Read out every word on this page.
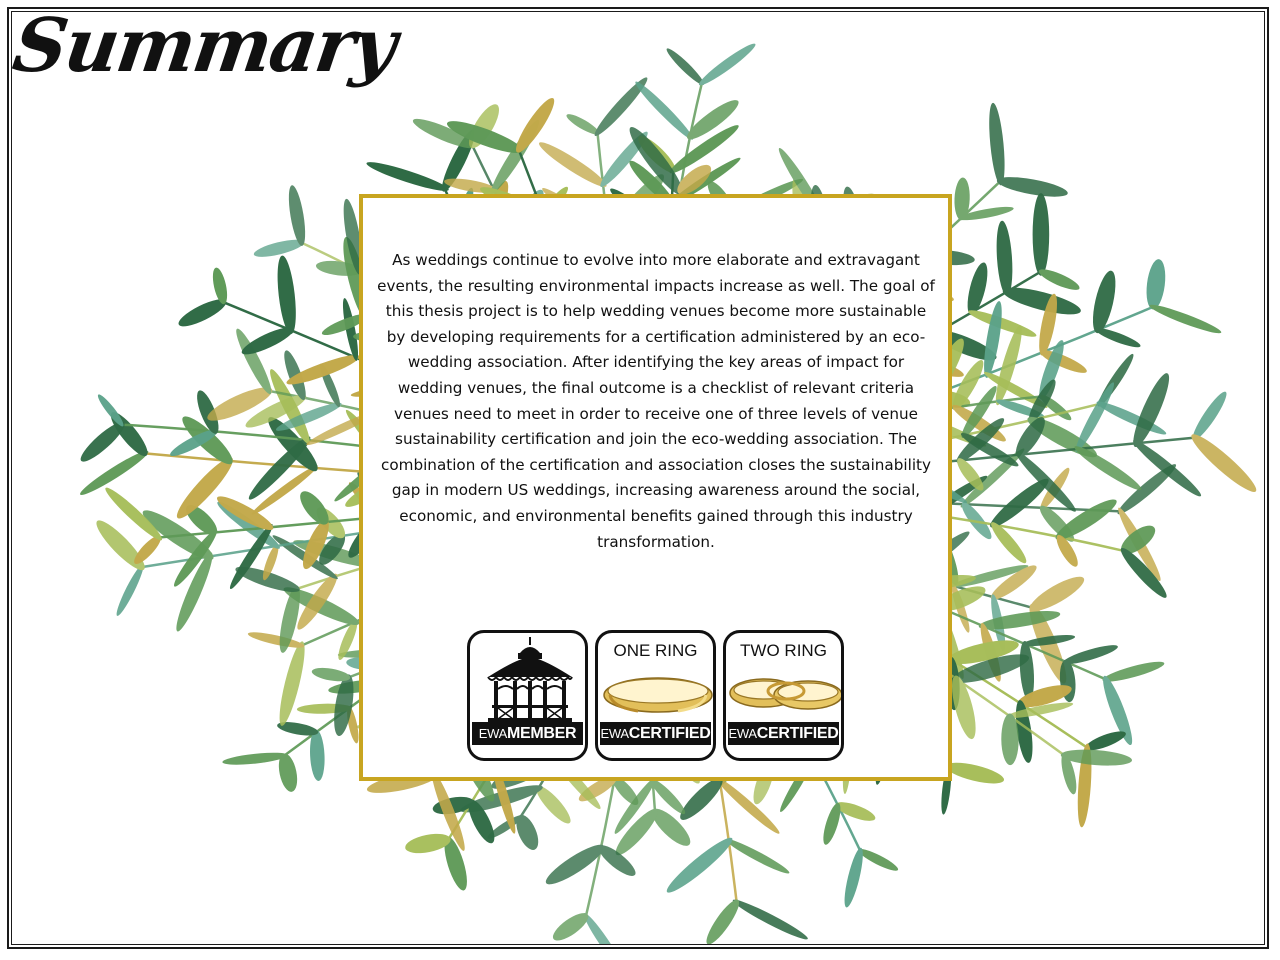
Summary

As weddings continue to evolve into more elaborate and extravagant events, the resulting environmental impacts increase as well. The goal of this thesis project is to help wedding venues become more sustainable by developing requirements for a certification administered by an eco-wedding association. After identifying the key areas of impact for wedding venues, the final outcome is a checklist of relevant criteria venues need to meet in order to receive one of three levels of venue sustainability certification and join the eco-wedding association. The combination of the certification and association closes the sustainability gap in modern US weddings, increasing awareness around the social, economic, and environmental benefits gained through this industry transformation.

EWAMEMBER
ONE RING
EWACERTIFIED
TWO RING
EWACERTIFIED
